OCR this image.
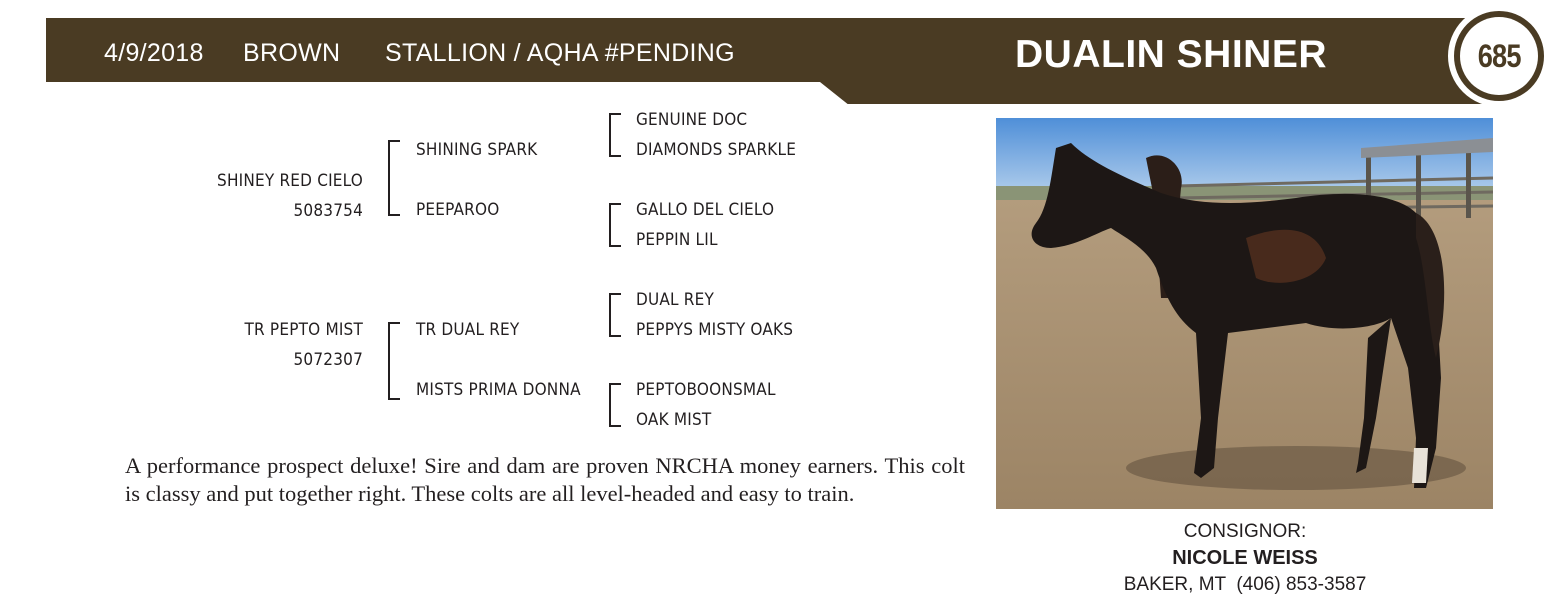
4/9/2018 BROWN STALLION / AQHA #PENDING	DUALIN SHINER	685
SHINEY RED CIELO
5083754
TR PEPTO MIST
5072307
SHINING SPARK
PEEPAROO
TR DUAL REY
MISTS PRIMA DONNA
GENUINE DOC
DIAMONDS SPARKLE
GALLO DEL CIELO
PEPPIN LIL
DUAL REY
PEPPYS MISTY OAKS
PEPTOBOONSMAL
OAK MIST
A performance prospect deluxe! Sire and dam are proven NRCHA money earners. This colt is classy and put together right. These colts are all level-headed and easy to train.
CONSIGNOR:
NICOLE WEISS
BAKER, MT  (406) 853-3587
